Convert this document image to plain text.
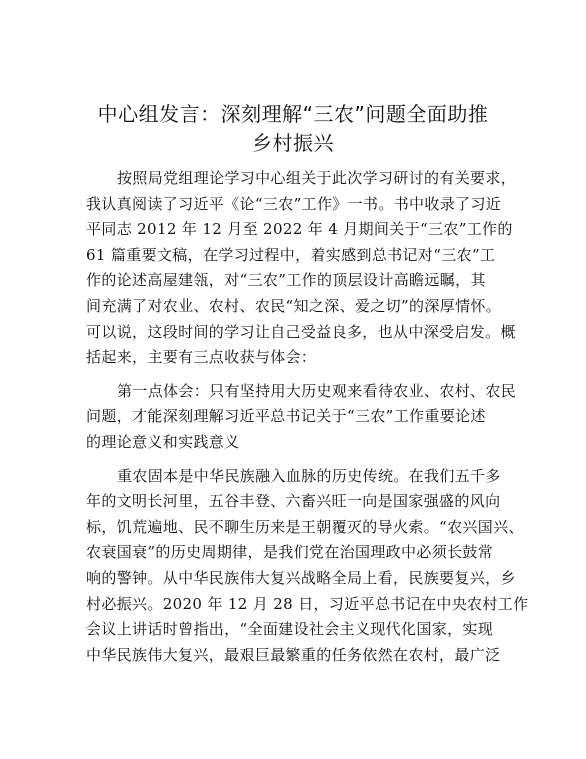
中心组发言：深刻理解“三农”问题全面助推
乡村振兴
按照局党组理论学习中心组关于此次学习研讨的有关要求，
我认真阅读了习近平《论“三农”工作》一书。书中收录了习近
平同志 2012 年 12 月至 2022 年 4 月期间关于“三农”工作的
61 篇重要文稿，在学习过程中，着实感到总书记对“三农”工
作的论述高屋建瓴，对“三农”工作的顶层设计高瞻远瞩，其
间充满了对农业、农村、农民“知之深、爱之切”的深厚情怀。
可以说，这段时间的学习让自己受益良多，也从中深受启发。概
括起来，主要有三点收获与体会：
第一点体会：只有坚持用大历史观来看待农业、农村、农民
问题，才能深刻理解习近平总书记关于“三农”工作重要论述
的理论意义和实践意义
重农固本是中华民族融入血脉的历史传统。在我们五千多
年的文明长河里，五谷丰登、六畜兴旺一向是国家强盛的风向
标，饥荒遍地、民不聊生历来是王朝覆灭的导火索。“农兴国兴、
农衰国衰”的历史周期律，是我们党在治国理政中必须长鼓常
响的警钟。从中华民族伟大复兴战略全局上看，民族要复兴，乡
村必振兴。2020 年 12 月 28 日，习近平总书记在中央农村工作
会议上讲话时曾指出，“全面建设社会主义现代化国家，实现
中华民族伟大复兴，最艰巨最繁重的任务依然在农村，最广泛
